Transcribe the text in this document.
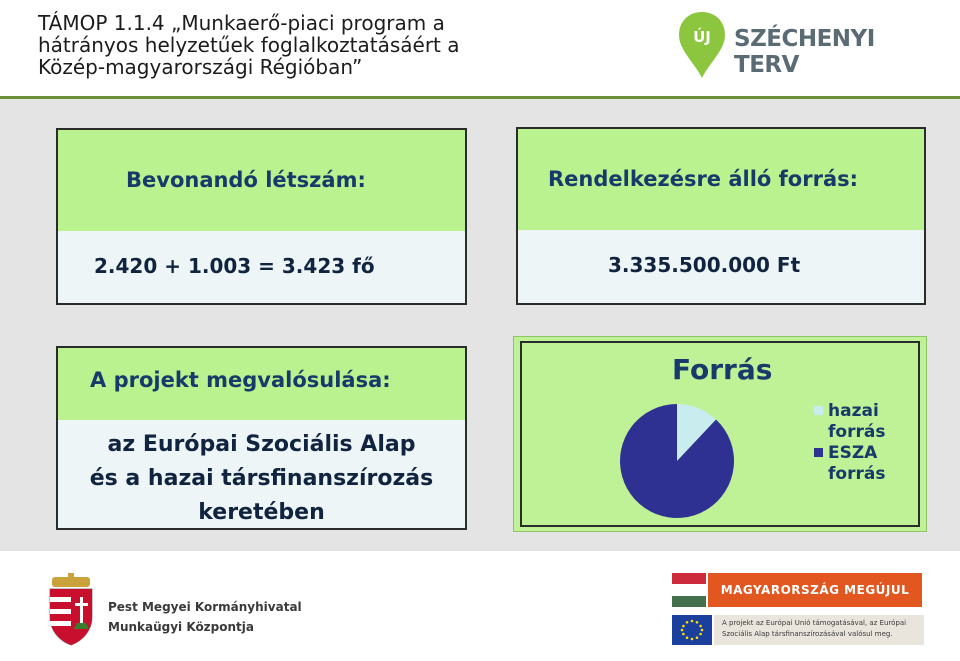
TÁMOP 1.1.4 „Munkaerő-piaci program a
hátrányos helyzetűek foglalkoztatásáért a
Közép-magyarországi Régióban”
ÚJ SZÉCHENYI TERV
Bevonandó létszám:
2.420 + 1.003 = 3.423 fő
Rendelkezésre álló forrás:
3.335.500.000 Ft
A projekt megvalósulása:
az Európai Szociális Alap
és a hazai társfinanszírozás
keretében
Forrás
hazai forrás
ESZA forrás
Pest Megyei Kormányhivatal
Munkaügyi Központja
MAGYARORSZÁG MEGÚJUL
A projekt az Európai Unió támogatásával, az Európai
Szociális Alap társfinanszírozásával valósul meg.
